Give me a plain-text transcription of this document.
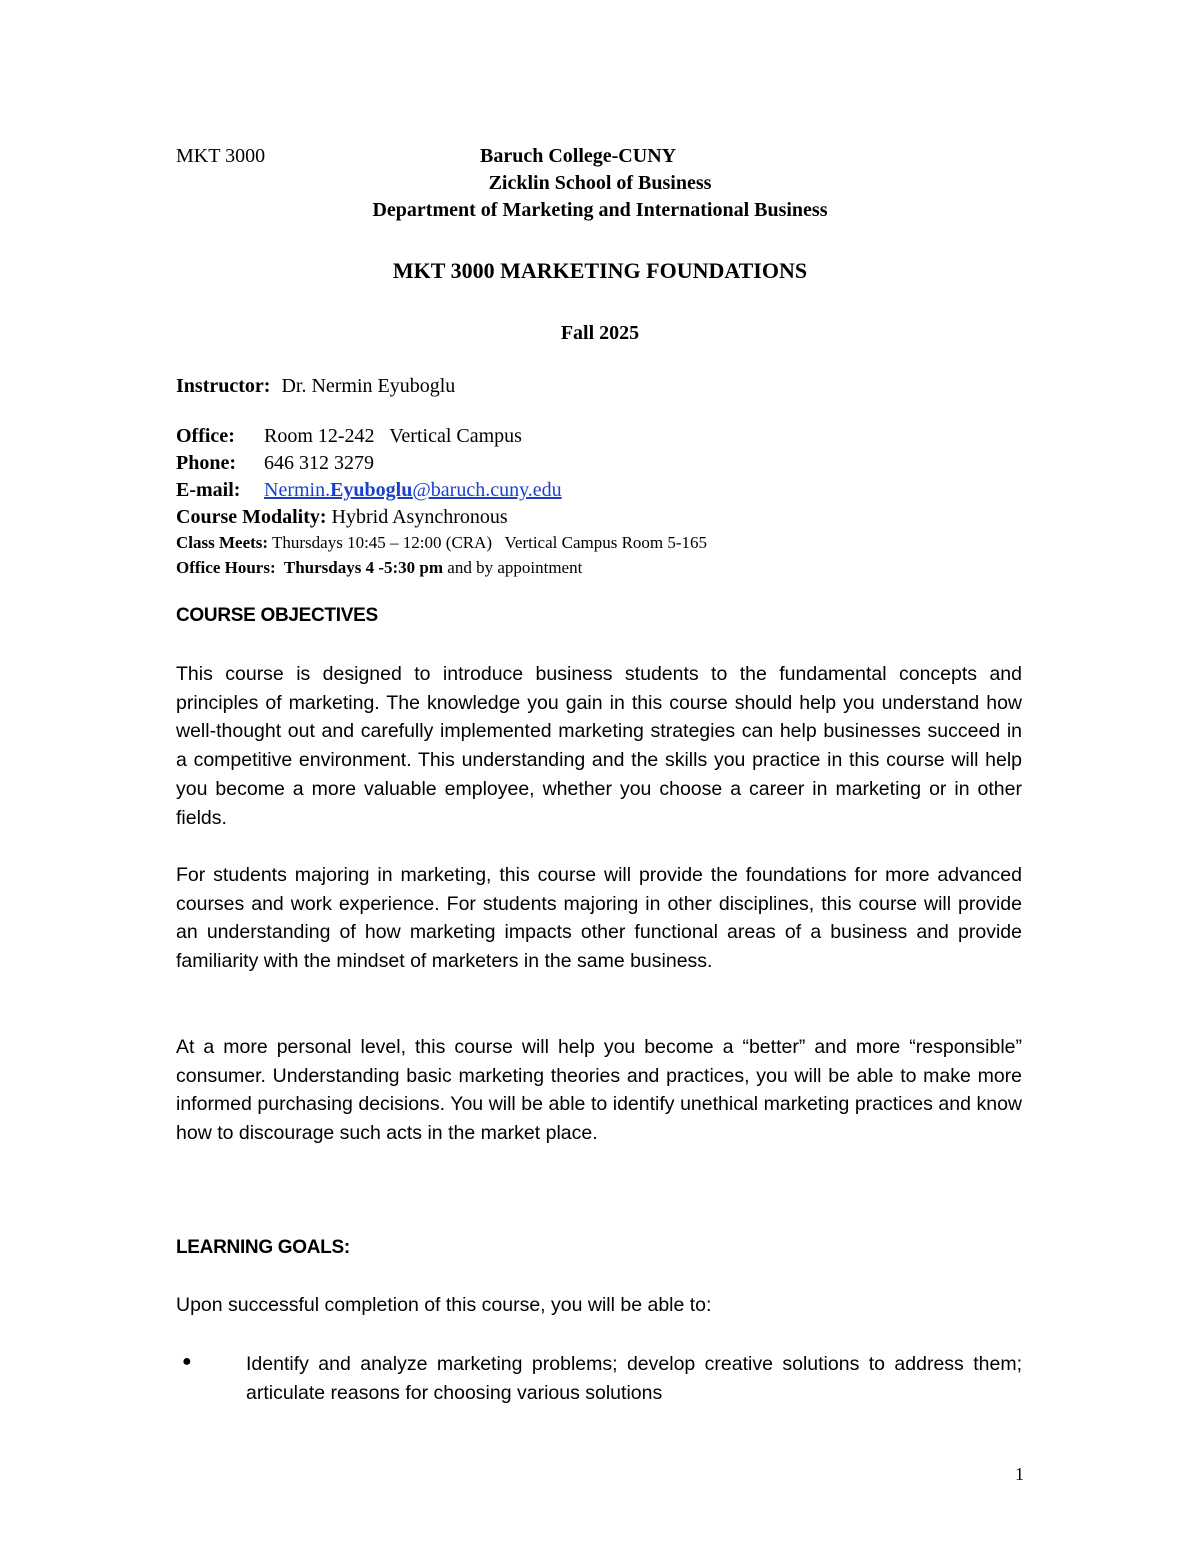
MKT 3000	Baruch College-CUNY
Zicklin School of Business
Department of Marketing and International Business
MKT 3000 MARKETING FOUNDATIONS
Fall 2025
Instructor: Dr. Nermin Eyuboglu
Office: Room 12-242   Vertical Campus
Phone: 646 312 3279
E-mail: Nermin.Eyuboglu@baruch.cuny.edu
Course Modality: Hybrid Asynchronous
Class Meets: Thursdays 10:45 – 12:00 (CRA)   Vertical Campus Room 5-165
Office Hours: Thursdays 4 -5:30 pm and by appointment
COURSE OBJECTIVES
This course is designed to introduce business students to the fundamental concepts and principles of marketing. The knowledge you gain in this course should help you understand how well-thought out and carefully implemented marketing strategies can help businesses succeed in a competitive environment. This understanding and the skills you practice in this course will help you become a more valuable employee, whether you choose a career in marketing or in other fields.
For students majoring in marketing, this course will provide the foundations for more advanced courses and work experience. For students majoring in other disciplines, this course will provide an understanding of how marketing impacts other functional areas of a business and provide familiarity with the mindset of marketers in the same business.
At a more personal level, this course will help you become a “better” and more “responsible” consumer. Understanding basic marketing theories and practices, you will be able to make more informed purchasing decisions. You will be able to identify unethical marketing practices and know how to discourage such acts in the market place.
LEARNING GOALS:
Upon successful completion of this course, you will be able to:
●	Identify and analyze marketing problems; develop creative solutions to address them; articulate reasons for choosing various solutions
1
